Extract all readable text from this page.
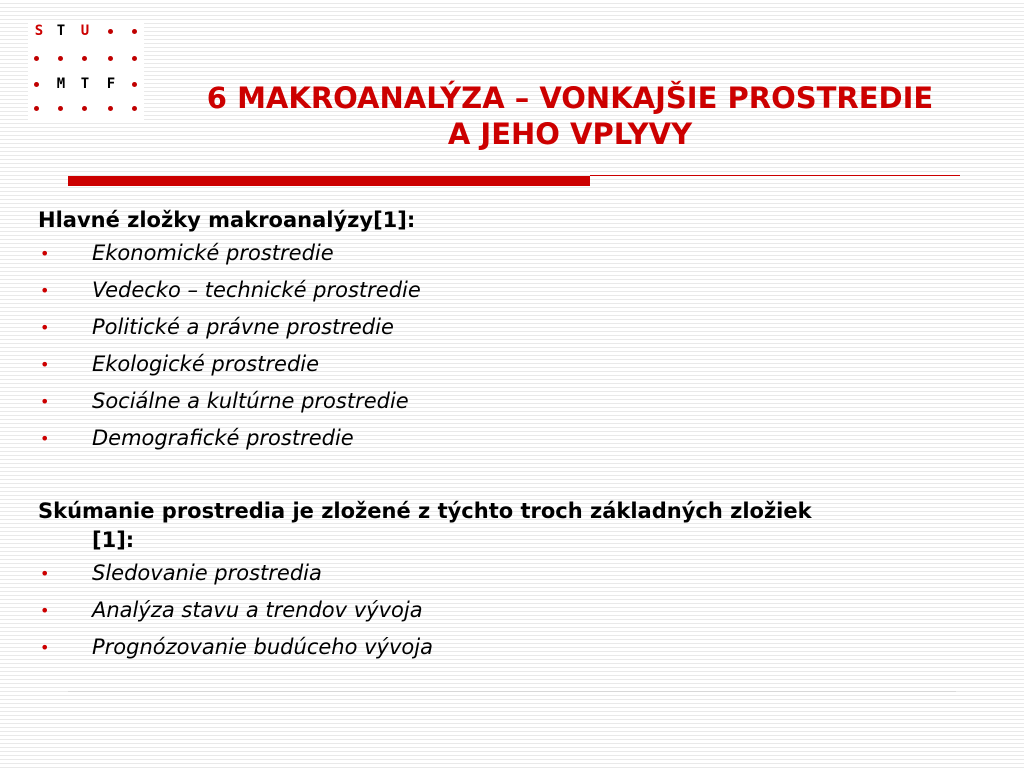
S T	U
M	T	F	6 MAKROANALÝZA – VONKAJŠIE PROSTREDIE
A JEHO VPLYVY
Hlavné zložky makroanalýzy[1]:
• Ekonomické prostredie
• Vedecko – technické prostredie
• Politické a právne prostredie
• Ekologické prostredie
• Sociálne a kultúrne prostredie
• Demografické prostredie
Skúmanie prostredia je zložené z týchto troch základných zložiek
[1]:
• Sledovanie prostredia
• Analýza stavu a trendov vývoja
• Prognózovanie budúceho vývoja
